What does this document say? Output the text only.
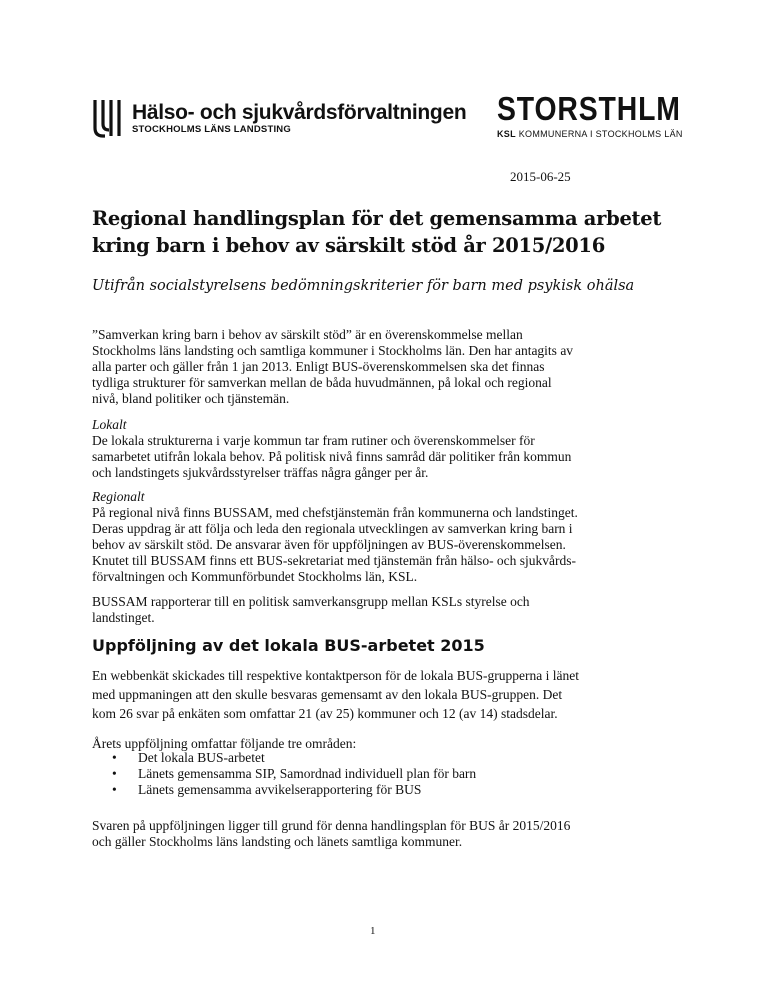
Hälso- och sjukvårdsförvaltningen
STOCKHOLMS LÄNS LANDSTING
STORSTHLM
KSL KOMMUNERNA I STOCKHOLMS LÄN
2015-06-25
Regional handlingsplan för det gemensamma arbetet
kring barn i behov av särskilt stöd år 2015/2016

Utifrån socialstyrelsens bedömningskriterier för barn med psykisk ohälsa

”Samverkan kring barn i behov av särskilt stöd” är en överenskommelse mellan
Stockholms läns landsting och samtliga kommuner i Stockholms län. Den har antagits av
alla parter och gäller från 1 jan 2013. Enligt BUS-överenskommelsen ska det finnas
tydliga strukturer för samverkan mellan de båda huvudmännen, på lokal och regional
nivå, bland politiker och tjänstemän.

Lokalt
De lokala strukturerna i varje kommun tar fram rutiner och överenskommelser för
samarbetet utifrån lokala behov. På politisk nivå finns samråd där politiker från kommun
och landstingets sjukvårdsstyrelser träffas några gånger per år.

Regionalt
På regional nivå finns BUSSAM, med chefstjänstemän från kommunerna och landstinget.
Deras uppdrag är att följa och leda den regionala utvecklingen av samverkan kring barn i
behov av särskilt stöd. De ansvarar även för uppföljningen av BUS-överenskommelsen.
Knutet till BUSSAM finns ett BUS-sekretariat med tjänstemän från hälso- och sjukvårds-
förvaltningen och Kommunförbundet Stockholms län, KSL.

BUSSAM rapporterar till en politisk samverkansgrupp mellan KSLs styrelse och
landstinget.

Uppföljning av det lokala BUS-arbetet 2015

En webbenkät skickades till respektive kontaktperson för de lokala BUS-grupperna i länet
med uppmaningen att den skulle besvaras gemensamt av den lokala BUS-gruppen. Det
kom 26 svar på enkäten som omfattar 21 (av 25) kommuner och 12 (av 14) stadsdelar.

Årets uppföljning omfattar följande tre områden:

• Det lokala BUS-arbetet
• Länets gemensamma SIP, Samordnad individuell plan för barn
• Länets gemensamma avvikelserapportering för BUS

Svaren på uppföljningen ligger till grund för denna handlingsplan för BUS år 2015/2016
och gäller Stockholms läns landsting och länets samtliga kommuner.

1
